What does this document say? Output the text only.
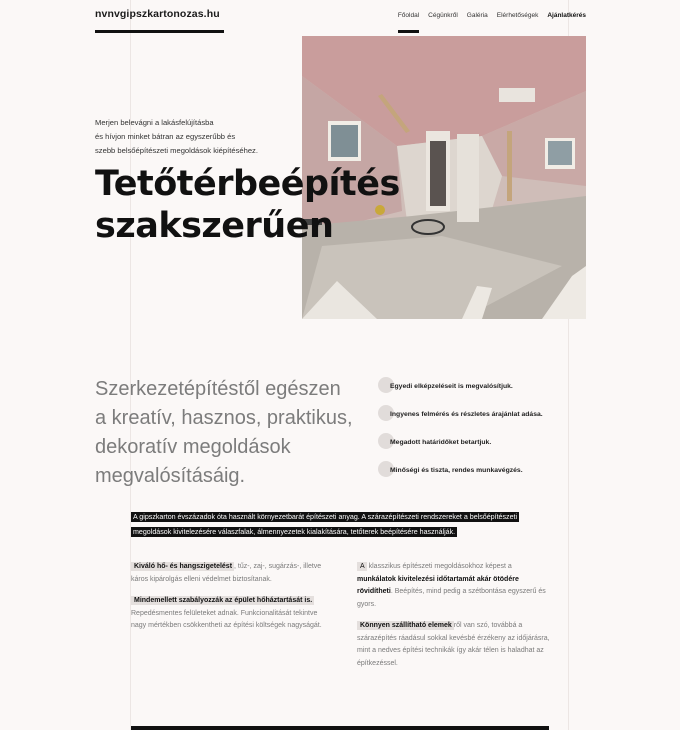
nvnvgipszkartonozas.hu	Főoldal Cégünkről Galéria Elérhetőségek Ajánlatkérés
Merjen belevágni a lakásfelújításba
és hívjon minket bátran az egyszerűbb és
szebb belsőépítészeti megoldások kiépítéséhez.
Tetőtérbeépítés
szakszerűen

Szerkezetépítéstől egészen a kreatív, hasznos, praktikus, dekoratív megoldások megvalósításáig.

Egyedi elképzeléseit is megvalósítjuk.
Ingyenes felmérés és részletes árajánlat adása.
Megadott határidőket betartjuk.
Minőségi és tiszta, rendes munkavégzés.
A gipszkarton évszázadok óta használt környezetbarát építészeti anyag. A szárazépítészeti rendszereket a belsőépítészeti megoldások kivitelezésére válaszfalak, álmennyezetek kialakítására, tetőterek beépítésére használják.

Kiváló hő- és hangszigetelést , tűz-, zaj-, sugárzás-, illetve káros kipárolgás elleni védelmet biztosítanak.

Mindemellett szabályozzák az épület hőháztartását is. Repedésmentes felületeket adnak. Funkcionalitását tekintve nagy mértékben csökkentheti az építési költségek nagyságát.

A klasszikus építészeti megoldásokhoz képest a munkálatok kivitelezési időtartamát akár ötödére rövidítheti. Beépítés, mind pedig a szétbontása egyszerű és gyors.

Könnyen szállítható elemek ről van szó, továbbá a szárazépítés ráadásul sokkal kevésbé érzékeny az időjárásra, mint a nedves építési technikák így akár télen is haladhat az építkezéssel.
